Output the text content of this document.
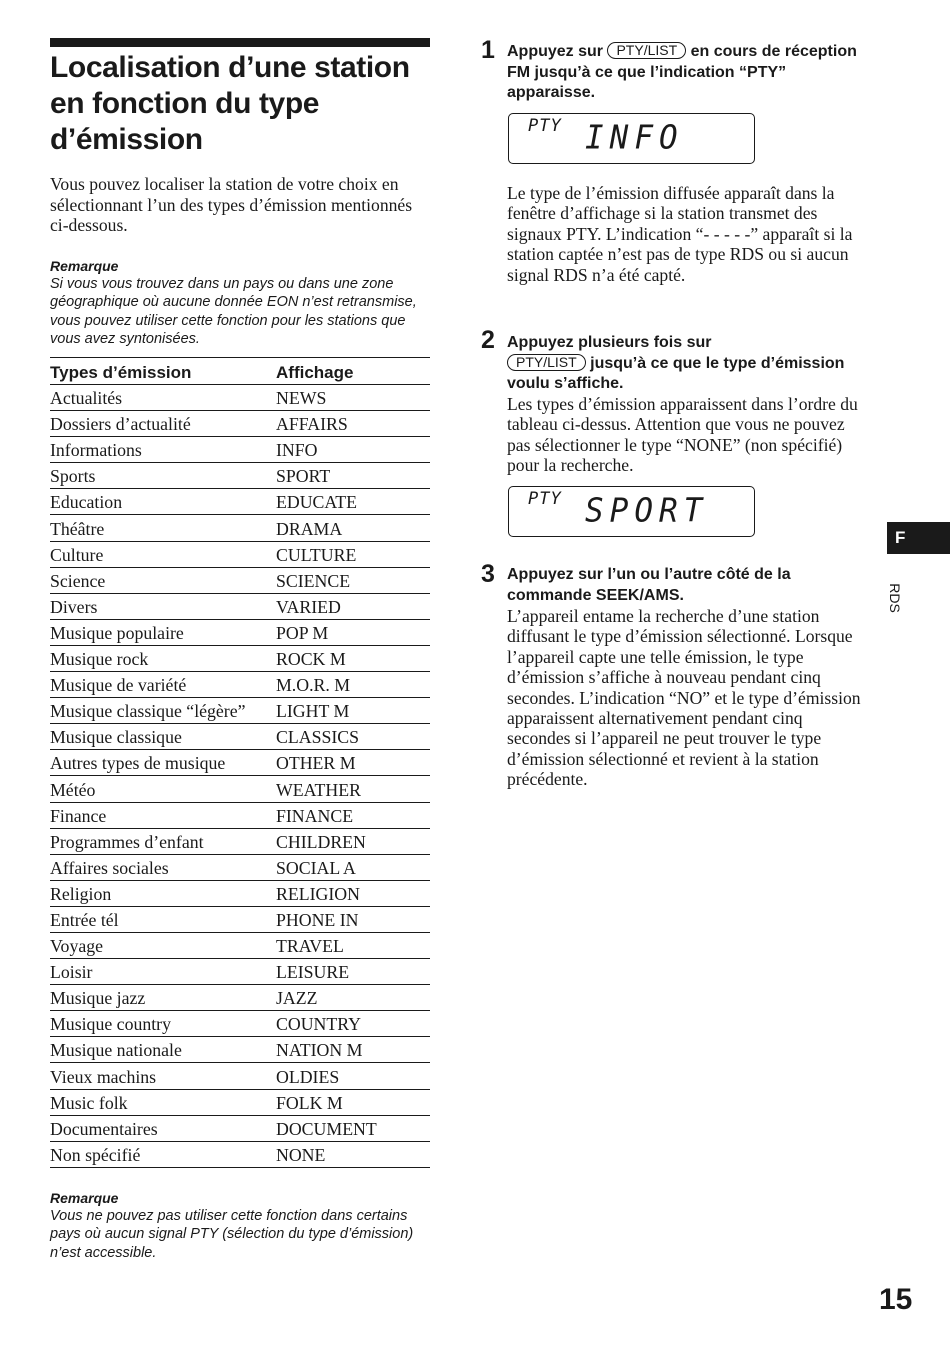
Localisation d’une station en fonction du type d’émission

Vous pouvez localiser la station de votre choix en sélectionnant l’un des types d’émission mentionnés ci-dessous.

Remarque

Si vous vous trouvez dans un pays ou dans une zone géographique où aucune donnée EON n’est retransmise, vous pouvez utiliser cette fonction pour les stations que vous avez syntonisées.

Types d’émission	Affichage
Actualités	NEWS
Dossiers d’actualité	AFFAIRS
Informations	INFO
Sports	SPORT
Education	EDUCATE
Théâtre	DRAMA
Culture	CULTURE
Science	SCIENCE
Divers	VARIED
Musique populaire	POP M
Musique rock	ROCK M
Musique de variété	M.O.R. M
Musique classique “légère”	LIGHT M
Musique classique	CLASSICS
Autres types de musique	OTHER M
Météo	WEATHER
Finance	FINANCE
Programmes d’enfant	CHILDREN
Affaires sociales	SOCIAL A
Religion	RELIGION
Entrée tél	PHONE IN
Voyage	TRAVEL
Loisir	LEISURE
Musique jazz	JAZZ
Musique country	COUNTRY
Musique nationale	NATION M
Vieux machins	OLDIES
Music folk	FOLK M
Documentaires	DOCUMENT
Non spécifié	NONE

Remarque

Vous ne pouvez pas utiliser cette fonction dans certains pays où aucun signal PTY (sélection du type d’émission) n’est accessible.

1 Appuyez sur PTY/LIST en cours de réception FM jusqu’à ce que l’indication “PTY” apparaisse.

PTY INFO

Le type de l’émission diffusée apparaît dans la fenêtre d’affichage si la station transmet des signaux PTY. L’indication “- - - - -” apparaît si la station captée n’est pas de type RDS ou si aucun signal RDS n’a été capté.

2 Appuyez plusieurs fois sur
PTY/LIST jusqu’à ce que le type d’émission voulu s’affiche.

Les types d’émission apparaissent dans l’ordre du tableau ci-dessus. Attention que vous ne pouvez pas sélectionner le type “NONE” (non spécifié) pour la recherche.

PTY SPORT
3 Appuyez sur l’un ou l’autre côté de la commande SEEK/AMS.

L’appareil entame la recherche d’une station diffusant le type d’émission sélectionné. Lorsque l’appareil capte une telle émission, le type d’émission s’affiche à nouveau pendant cinq secondes. L’indication “NO” et le type d’émission apparaissent alternativement pendant cinq secondes si l’appareil ne peut trouver le type d’émission sélectionné et revient à la station précédente.

F
RDS
15
